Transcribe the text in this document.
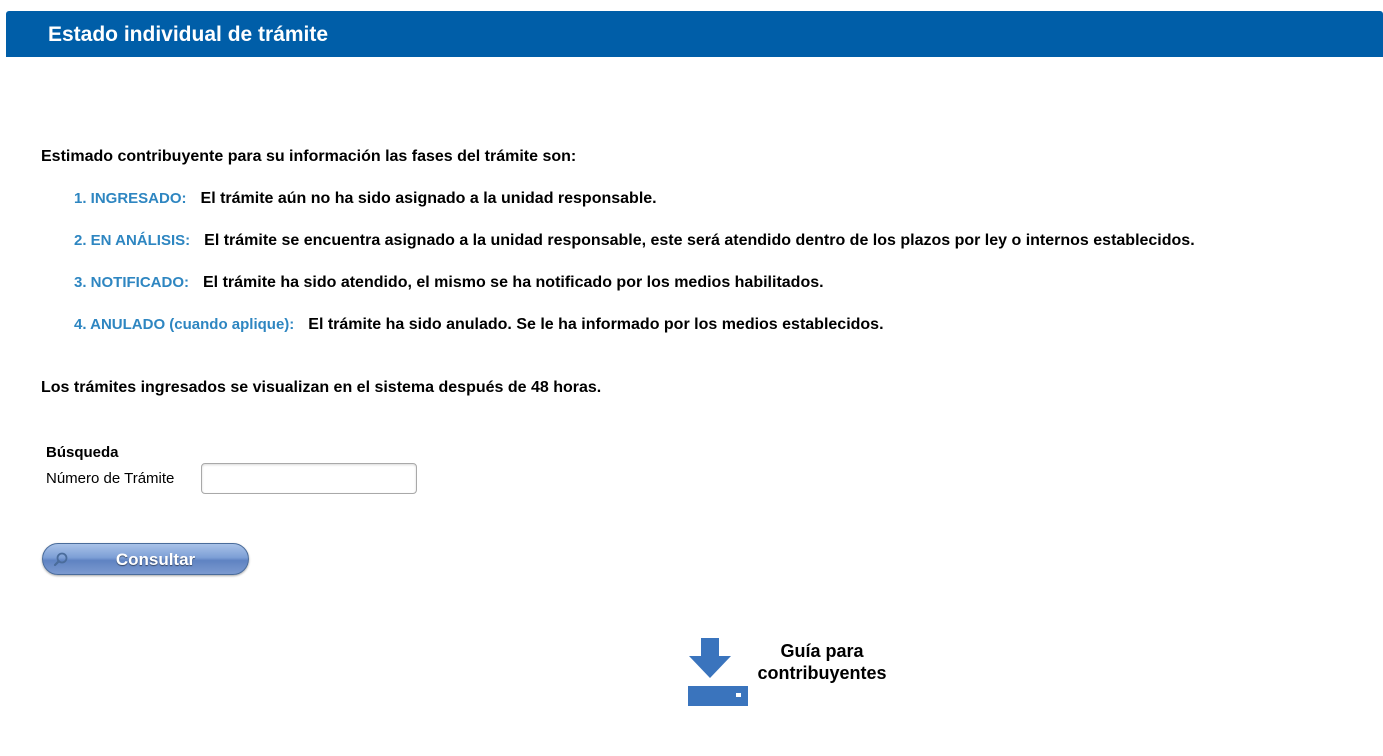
Estado individual de trámite
Estimado contribuyente para su información las fases del trámite son:
1. INGRESADO: El trámite aún no ha sido asignado a la unidad responsable.
2. EN ANÁLISIS: El trámite se encuentra asignado a la unidad responsable, este será atendido dentro de los plazos por ley o internos establecidos.
3. NOTIFICADO: El trámite ha sido atendido, el mismo se ha notificado por los medios habilitados.
4. ANULADO (cuando aplique): El trámite ha sido anulado. Se le ha informado por los medios establecidos.
Los trámites ingresados se visualizan en el sistema después de 48 horas.
Búsqueda
Número de Trámite
Consultar
Guía para
contribuyentes
